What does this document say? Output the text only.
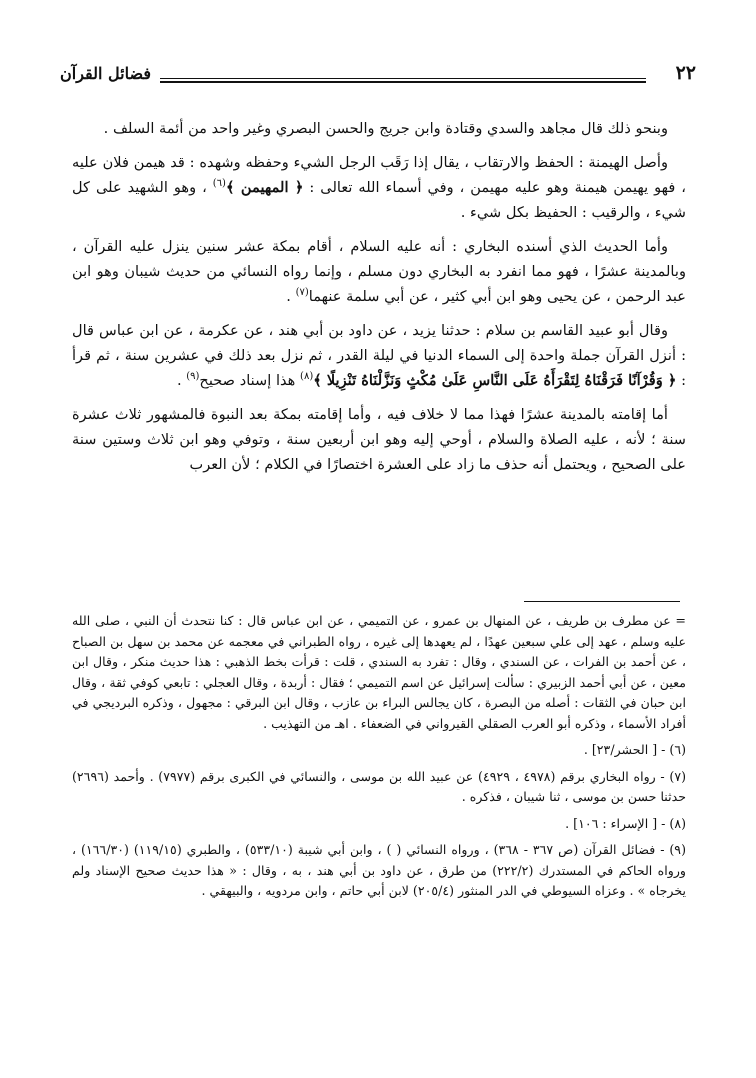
٢٢
فضائل القرآن

وبنحو ذلك قال مجاهد والسدي وقتادة وابن جريج والحسن البصري وغير واحد من أئمة السلف .

وأصل الهيمنة : الحفظ والارتقاب ، يقال إذا رَقَب الرجل الشيء وحفظه وشهده : قد هيمن فلان عليه ، فهو يهيمن هيمنة وهو عليه مهيمن ، وفي أسماء الله تعالى : ﴿ المهيمن ﴾$^{(٦)}$ ، وهو الشهيد على كل شيء ، والرقيب : الحفيظ بكل شيء .

وأما الحديث الذي أسنده البخاري : أنه عليه السلام ، أقام بمكة عشر سنين ينزل عليه القرآن ، وبالمدينة عشرًا ، فهو مما انفرد به البخاري دون مسلم ، وإنما رواه النسائي من حديث شيبان وهو ابن عبد الرحمن ، عن يحيى وهو ابن أبي كثير ، عن أبي سلمة عنهما$^{(٧)}$ .

وقال أبو عبيد القاسم بن سلام : حدثنا يزيد ، عن داود بن أبي هند ، عن عكرمة ، عن ابن عباس قال : أنزل القرآن جملة واحدة إلى السماء الدنيا في ليلة القدر ، ثم نزل بعد ذلك في عشرين سنة ، ثم قرأ : ﴿ وَقُرْآنًا فَرَقْنَاهُ لِتَقْرَأَهُ عَلَى النَّاسِ عَلَىٰ مُكْثٍ وَنَزَّلْنَاهُ تَنْزِيلًا ﴾$^{(٨)}$ هذا إسناد صحيح$^{(٩)}$ .

أما إقامته بالمدينة عشرًا فهذا مما لا خلاف فيه ، وأما إقامته بمكة بعد النبوة فالمشهور ثلاث عشرة سنة ؛ لأنه ، عليه الصلاة والسلام ، أوحي إليه وهو ابن أربعين سنة ، وتوفي وهو ابن ثلاث وستين سنة على الصحيح ، ويحتمل أنه حذف ما زاد على العشرة اختصارًا في الكلام ؛ لأن العرب

= عن مطرف بن طريف ، عن المنهال بن عمرو ، عن التميمي ، عن ابن عباس قال : كنا نتحدث أن النبي ، صلى الله عليه وسلم ، عهد إلى علي سبعين عهدًا ، لم يعهدها إلى غيره ، رواه الطبراني في معجمه عن محمد بن سهل بن الصباح ، عن أحمد بن الفرات ، عن السندي ، وقال : تفرد به السندي ، قلت : قرأت بخط الذهبي : هذا حديث منكر ، وقال ابن معين ، عن أبي أحمد الزبيري : سألت إسرائيل عن اسم التميمي ؛ فقال : أربدة ، وقال العجلي : تابعي كوفي ثقة ، وقال ابن حبان في الثقات : أصله من البصرة ، كان يجالس البراء بن عازب ، وقال ابن البرقي : مجهول ، وذكره البرديجي في أفراد الأسماء ، وذكره أبو العرب الصقلي القيرواني في الضعفاء . اهـ من التهذيب .
(٦) - [ الحشر/٢٣] .
(٧) - رواه البخاري برقم (٤٩٧٨ ، ٤٩٢٩) عن عبيد الله بن موسى ، والنسائي في الكبرى برقم (٧٩٧٧) . وأحمد (٢٦٩٦) حدثنا حسن بن موسى ، ثنا شيبان ، فذكره .
(٨) - [ الإسراء : ١٠٦] .
(٩) - فضائل القرآن (ص ٣٦٧ - ٣٦٨) ، ورواه النسائي ( ) ، وابن أبي شيبة (٥٣٣/١٠) ، والطبري (١١٩/١٥) (١٦٦/٣٠) ، ورواه الحاكم في المستدرك (٢٢٢/٢) من طرق ، عن داود بن أبي هند ، به ، وقال : « هذا حديث صحيح الإسناد ولم يخرجاه » . وعزاه السيوطي في الدر المنثور (٢٠٥/٤) لابن أبي حاتم ، وابن مردويه ، والبيهقي .
